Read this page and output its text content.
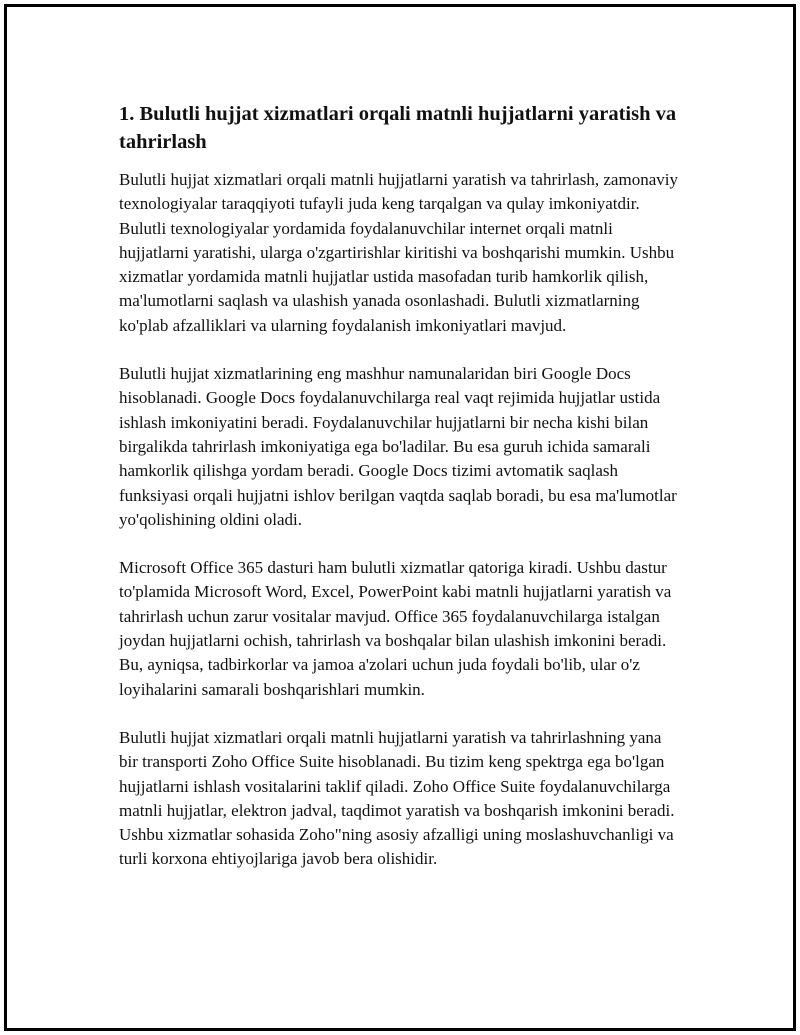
1. Bulutli hujjat xizmatlari orqali matnli hujjatlarni yaratish va tahrirlash

Bulutli hujjat xizmatlari orqali matnli hujjatlarni yaratish va tahrirlash, zamonaviy texnologiyalar taraqqiyoti tufayli juda keng tarqalgan va qulay imkoniyatdir. Bulutli texnologiyalar yordamida foydalanuvchilar internet orqali matnli hujjatlarni yaratishi, ularga o'zgartirishlar kiritishi va boshqarishi mumkin. Ushbu xizmatlar yordamida matnli hujjatlar ustida masofadan turib hamkorlik qilish, ma'lumotlarni saqlash va ulashish yanada osonlashadi. Bulutli xizmatlarning ko'plab afzalliklari va ularning foydalanish imkoniyatlari mavjud.

Bulutli hujjat xizmatlarining eng mashhur namunalaridan biri Google Docs hisoblanadi. Google Docs foydalanuvchilarga real vaqt rejimida hujjatlar ustida ishlash imkoniyatini beradi. Foydalanuvchilar hujjatlarni bir necha kishi bilan birgalikda tahrirlash imkoniyatiga ega bo'ladilar. Bu esa guruh ichida samarali hamkorlik qilishga yordam beradi. Google Docs tizimi avtomatik saqlash funksiyasi orqali hujjatni ishlov berilgan vaqtda saqlab boradi, bu esa ma'lumotlar yo'qolishining oldini oladi.

Microsoft Office 365 dasturi ham bulutli xizmatlar qatoriga kiradi. Ushbu dastur to'plamida Microsoft Word, Excel, PowerPoint kabi matnli hujjatlarni yaratish va tahrirlash uchun zarur vositalar mavjud. Office 365 foydalanuvchilarga istalgan joydan hujjatlarni ochish, tahrirlash va boshqalar bilan ulashish imkonini beradi. Bu, ayniqsa, tadbirkorlar va jamoa a'zolari uchun juda foydali bo'lib, ular o'z loyihalarini samarali boshqarishlari mumkin.

Bulutli hujjat xizmatlari orqali matnli hujjatlarni yaratish va tahrirlashning yana bir transporti Zoho Office Suite hisoblanadi. Bu tizim keng spektrga ega bo'lgan hujjatlarni ishlash vositalarini taklif qiladi. Zoho Office Suite foydalanuvchilarga matnli hujjatlar, elektron jadval, taqdimot yaratish va boshqarish imkonini beradi. Ushbu xizmatlar sohasida Zoho"ning asosiy afzalligi uning moslashuvchanligi va turli korxona ehtiyojlariga javob bera olishidir.
